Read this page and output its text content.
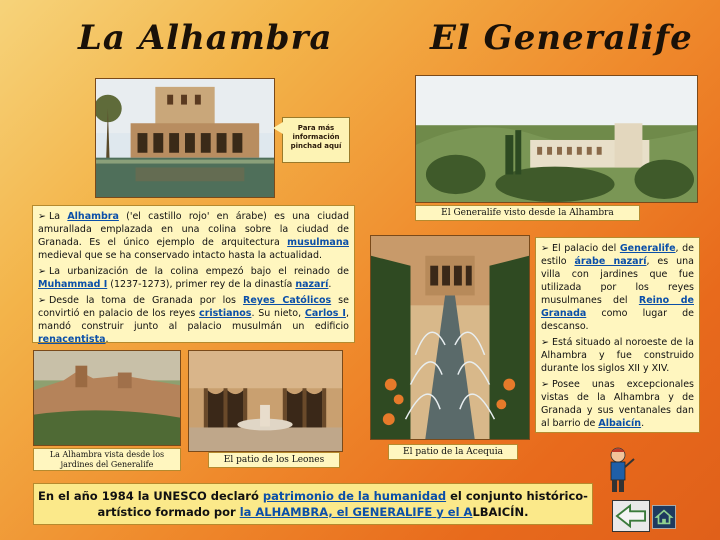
La Alhambra	El Generalife
Para más
información
pinchad aquí
El Generalife visto desde la Alhambra

➢ La Alhambra ('el castillo rojo' en árabe) es una ciudad amurallada emplazada en una colina sobre la ciudad de Granada. Es el único ejemplo de arquitectura musulmana medieval que se ha conservado intacto hasta la actualidad.

➢ La urbanización de la colina empezó bajo el reinado de Muhammad I (1237-1273), primer rey de la dinastía nazarí.

➢ Desde la toma de Granada por los Reyes Católicos se convirtió en palacio de los reyes cristianos. Su nieto, Carlos I, mandó construir junto al palacio musulmán un edificio renacentista.

La Alhambra vista desde los jardines del Generalife	El patio de los Leones
El patio de la Acequia

➢ El palacio del Generalife, de estilo árabe nazarí, es una villa con jardines que fue utilizada por los reyes musulmanes del Reino de Granada como lugar de descanso.

➢ Está situado al noroeste de la Alhambra y fue construido durante los siglos XII y XIV.

➢ Posee unas excepcionales vistas de la Alhambra y de Granada y sus ventanales dan al barrio de Albaicín.

En el año 1984 la UNESCO declaró patrimonio de la humanidad el conjunto histórico-artístico formado por la ALHAMBRA, el GENERALIFE y el ALBAICÍN.
